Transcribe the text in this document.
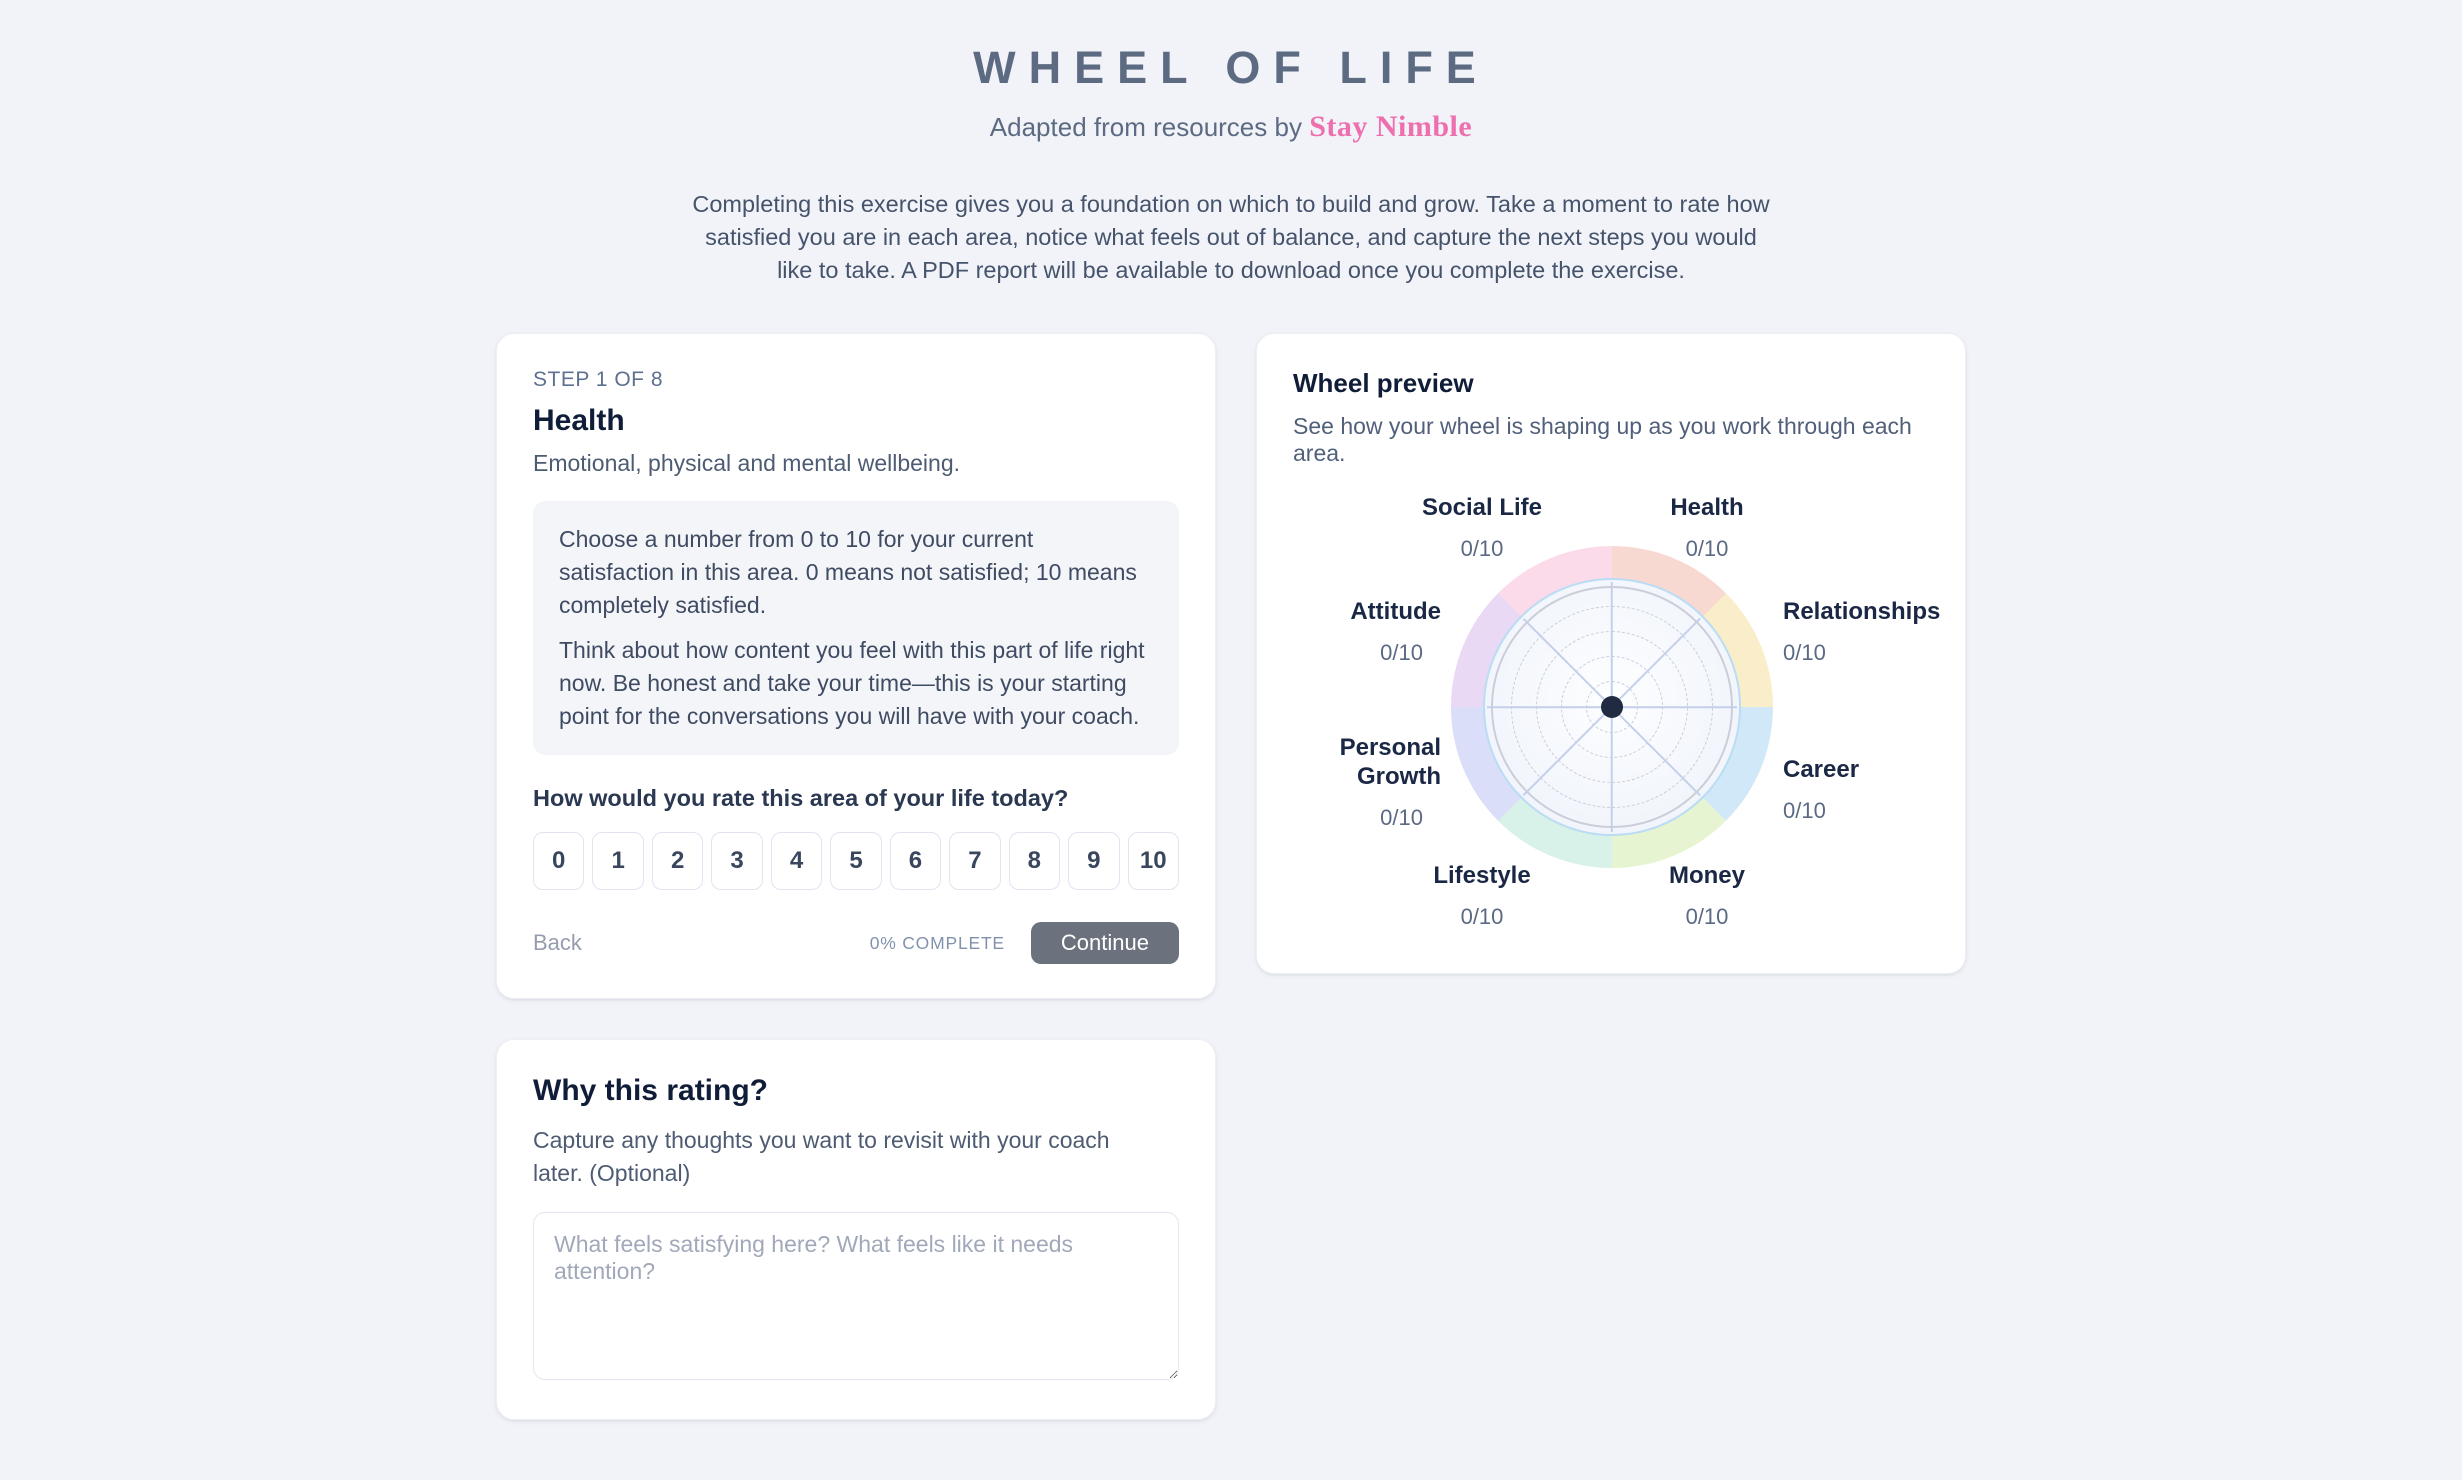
WHEEL OF LIFE
Adapted from resources by Stay Nimble

Completing this exercise gives you a foundation on which to build and grow. Take a moment to rate how satisfied you are in each area, notice what feels out of balance, and capture the next steps you would like to take. A PDF report will be available to download once you complete the exercise.

STEP 1 OF 8
Health
Emotional, physical and mental wellbeing.

Choose a number from 0 to 10 for your current satisfaction in this area. 0 means not satisfied; 10 means completely satisfied.

Think about how content you feel with this part of life right now. Be honest and take your time—this is your starting point for the conversations you will have with your coach.

How would you rate this area of your life today?
0	1	2	3	4	5	6	7	8	9	10
Back	0% COMPLETE	Continue
Why this rating?

Capture any thoughts you want to revisit with your coach later. (Optional)

What feels satisfying here? What feels like it needs attention?
Wheel preview
See how your wheel is shaping up as you work through each area.
Health
0/10
Relationships
0/10
Career
0/10
Money
0/10
Lifestyle
0/10
Personal Growth
0/10
Attitude
0/10
Social Life
0/10
